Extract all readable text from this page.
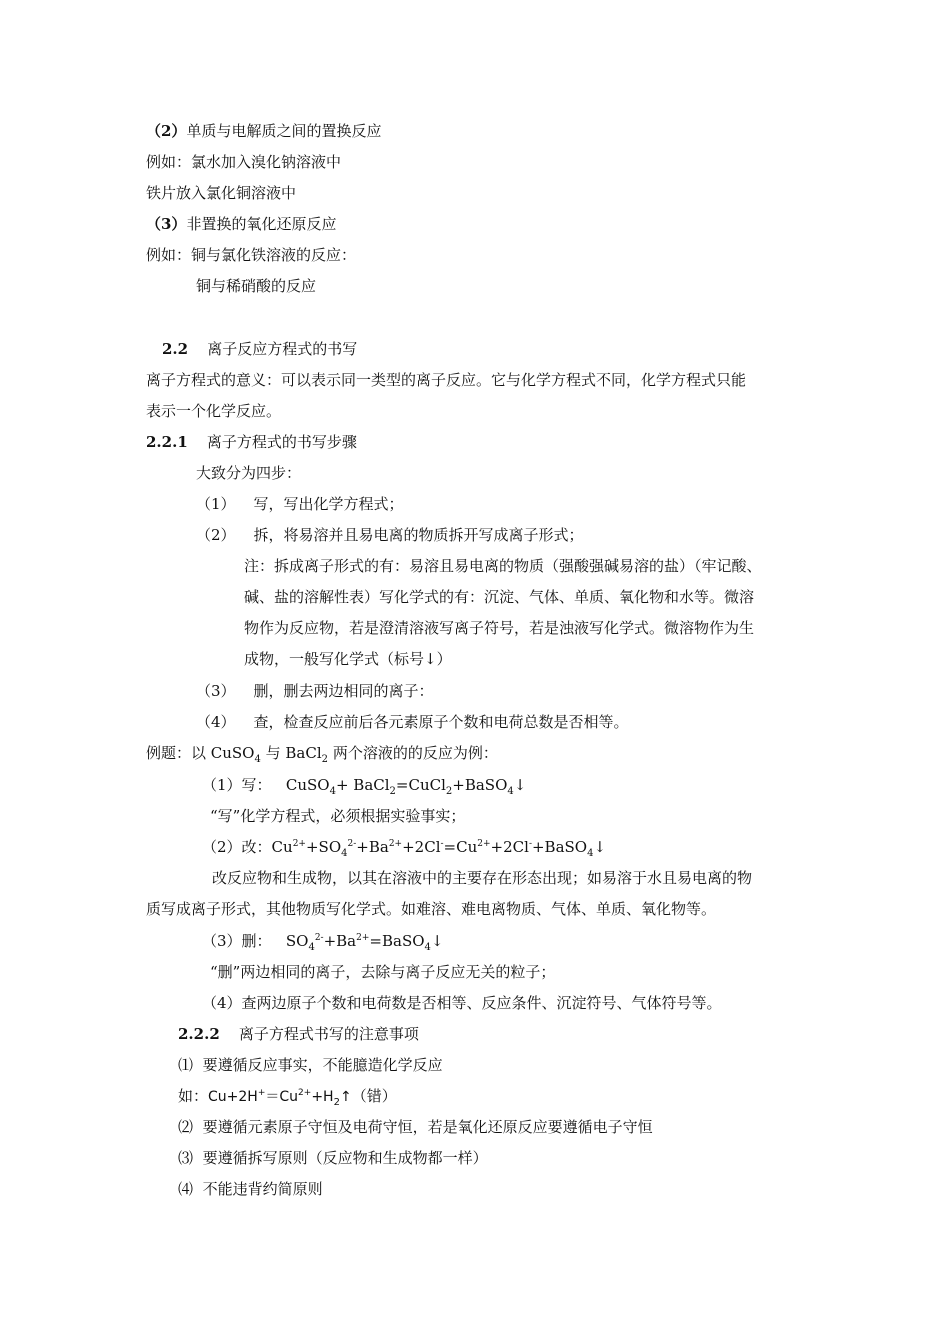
（2）单质与电解质之间的置换反应
例如：氯水加入溴化钠溶液中
铁片放入氯化铜溶液中
（3）非置换的氧化还原反应
例如：铜与氯化铁溶液的反应：
铜与稀硝酸的反应
2.2 离子反应方程式的书写
离子方程式的意义：可以表示同一类型的离子反应。它与化学方程式不同，化学方程式只能
表示一个化学反应。
2.2.1 离子方程式的书写步骤
大致分为四步：
（1） 写，写出化学方程式；
（2） 拆，将易溶并且易电离的物质拆开写成离子形式；
注：拆成离子形式的有：易溶且易电离的物质（强酸强碱易溶的盐）（牢记酸、
碱、盐的溶解性表）写化学式的有：沉淀、气体、单质、氧化物和水等。微溶
物作为反应物，若是澄清溶液写离子符号，若是浊液写化学式。微溶物作为生
成物，一般写化学式（标号↓）
（3） 删，删去两边相同的离子：
（4） 查，检查反应前后各元素原子个数和电荷总数是否相等。
例题：以 CuSO$_4$ 与 BaCl$_2$ 两个溶液的的反应为例：
（1）写： CuSO$_4$+ BaCl$_2$=CuCl$_2$+BaSO$_4$↓
“写”化学方程式，必须根据实验事实；
（2）改：$Cu^{2+}+SO_4^{2-}+Ba^{2+}+2Cl^-=Cu^{2+}+2Cl^-+BaSO_4↓$
改反应物和生成物，以其在溶液中的主要存在形态出现；如易溶于水且易电离的物
质写成离子形式，其他物质写化学式。如难溶、难电离物质、气体、单质、氧化物等。
（3）删： $SO_4^{2-}+Ba^{2+}=BaSO_4↓$
“删”两边相同的离子，去除与离子反应无关的粒子；
（4）查两边原子个数和电荷数是否相等、反应条件、沉淀符号、气体符号等。
2.2.2 离子方程式书写的注意事项
⑴ 要遵循反应事实，不能臆造化学反应
如：$Cu+2H^+=Cu^{2+}+H_2↑$（错）
⑵ 要遵循元素原子守恒及电荷守恒，若是氧化还原反应要遵循电子守恒
⑶ 要遵循拆写原则（反应物和生成物都一样）
⑷ 不能违背约简原则
